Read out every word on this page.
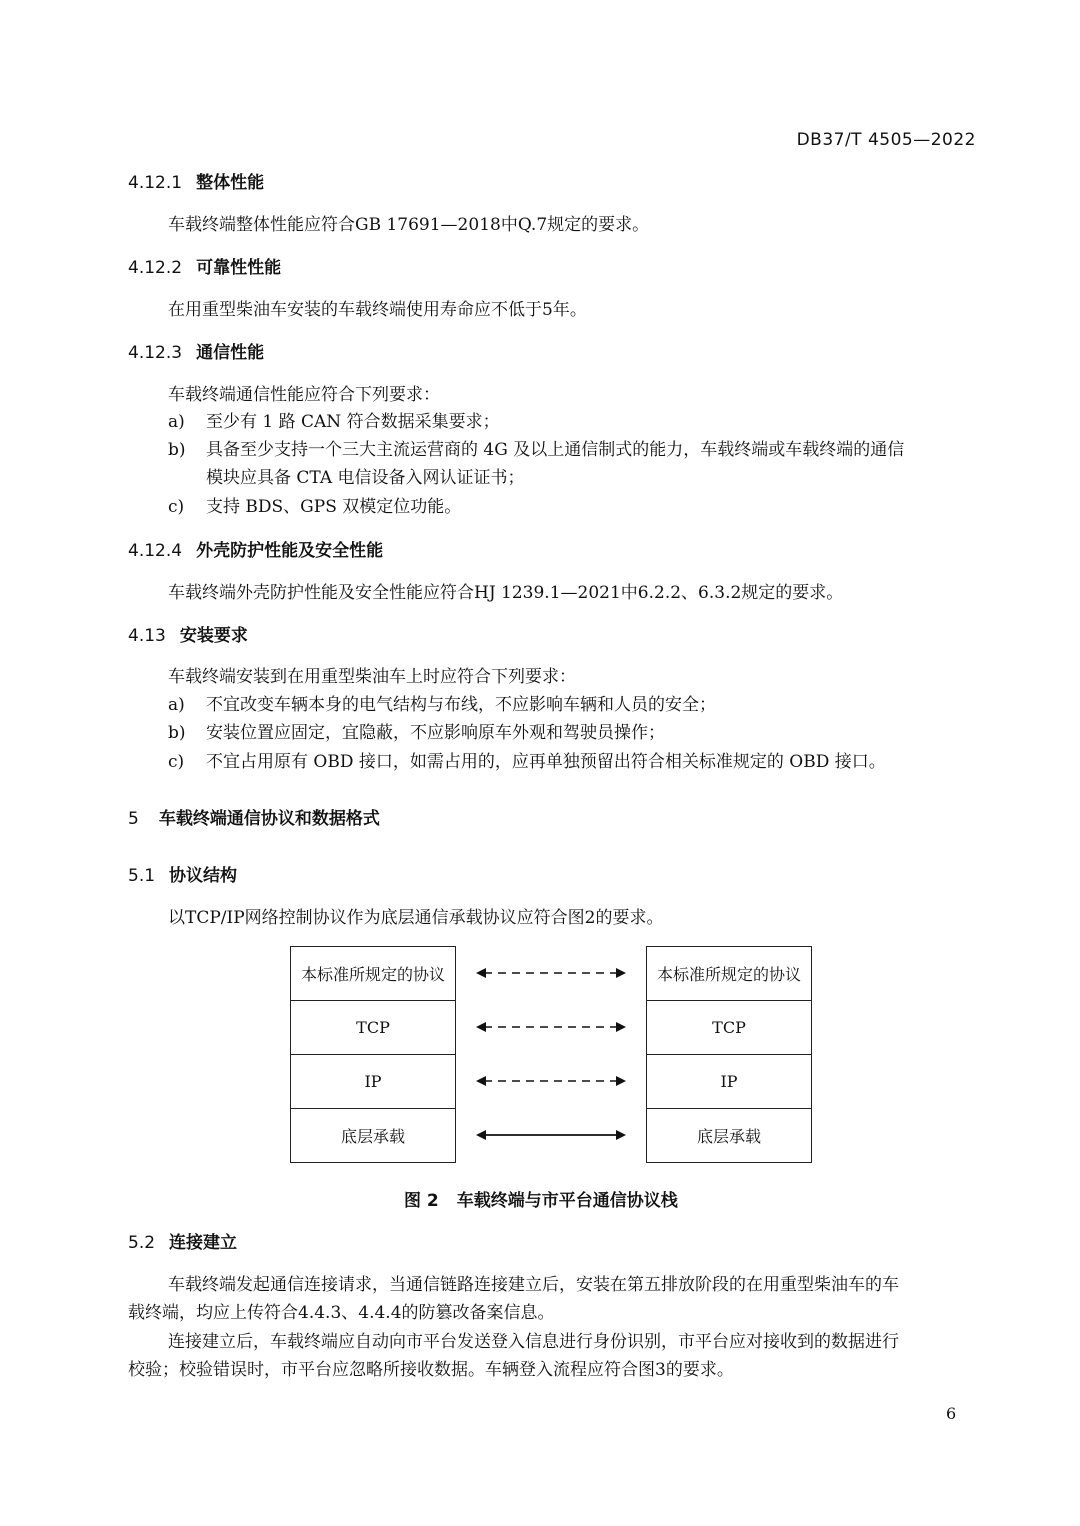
DB37/T 4505—2022
4.12.1 整体性能
车载终端整体性能应符合GB 17691—2018中Q.7规定的要求。
4.12.2 可靠性性能
在用重型柴油车安装的车载终端使用寿命应不低于5年。
4.12.3 通信性能
车载终端通信性能应符合下列要求：
a) 至少有 1 路 CAN 符合数据采集要求；
b) 具备至少支持一个三大主流运营商的 4G 及以上通信制式的能力，车载终端或车载终端的通信
模块应具备 CTA 电信设备入网认证证书；
c) 支持 BDS、GPS 双模定位功能。
4.12.4 外壳防护性能及安全性能
车载终端外壳防护性能及安全性能应符合HJ 1239.1—2021中6.2.2、6.3.2规定的要求。
4.13 安装要求
车载终端安装到在用重型柴油车上时应符合下列要求：
a) 不宜改变车辆本身的电气结构与布线，不应影响车辆和人员的安全；
b) 安装位置应固定，宜隐蔽，不应影响原车外观和驾驶员操作；
c) 不宜占用原有 OBD 接口，如需占用的，应再单独预留出符合相关标准规定的 OBD 接口。
5 车载终端通信协议和数据格式
5.1 协议结构
以TCP/IP网络控制协议作为底层通信承载协议应符合图2的要求。
本标准所规定的协议
TCP
IP
底层承载
本标准所规定的协议
TCP
IP
底层承载
图 2 车载终端与市平台通信协议栈
5.2 连接建立
车载终端发起通信连接请求，当通信链路连接建立后，安装在第五排放阶段的在用重型柴油车的车
载终端，均应上传符合4.4.3、4.4.4的防篡改备案信息。
连接建立后，车载终端应自动向市平台发送登入信息进行身份识别，市平台应对接收到的数据进行
校验；校验错误时，市平台应忽略所接收数据。车辆登入流程应符合图3的要求。
6
